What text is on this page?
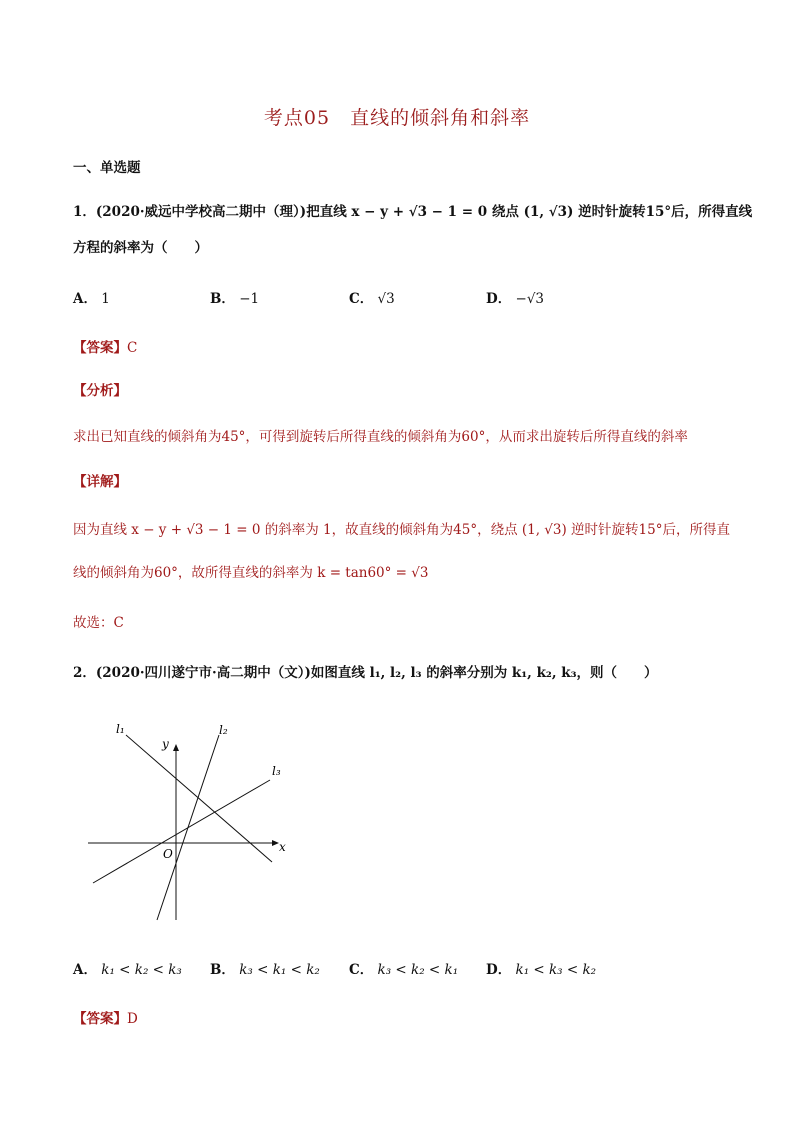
考点05　直线的倾斜角和斜率
一、单选题
1．(2020·威远中学校高二期中（理）)把直线 x − y + √3 − 1 = 0 绕点 (1, √3) 逆时针旋转15°后，所得直线
方程的斜率为（　　）
A． 1	B． −1	C． √3	D． −√3
【答案】C
【分析】
求出已知直线的倾斜角为45°，可得到旋转后所得直线的倾斜角为60°，从而求出旋转后所得直线的斜率
【详解】
因为直线 x − y + √3 − 1 = 0 的斜率为 1，故直线的倾斜角为45°，绕点 (1, √3) 逆时针旋转15°后，所得直
线的倾斜角为60°，故所得直线的斜率为 k = tan60° = √3
故选：C
2．(2020·四川遂宁市·高二期中（文）)如图直线 l₁, l₂, l₃ 的斜率分别为 k₁, k₂, k₃，则（　　）
l₁	l₂
l₃
y
x
O
A． k₁ < k₂ < k₃ B． k₃ < k₁ < k₂ C． k₃ < k₂ < k₁ D． k₁ < k₃ < k₂
【答案】D
